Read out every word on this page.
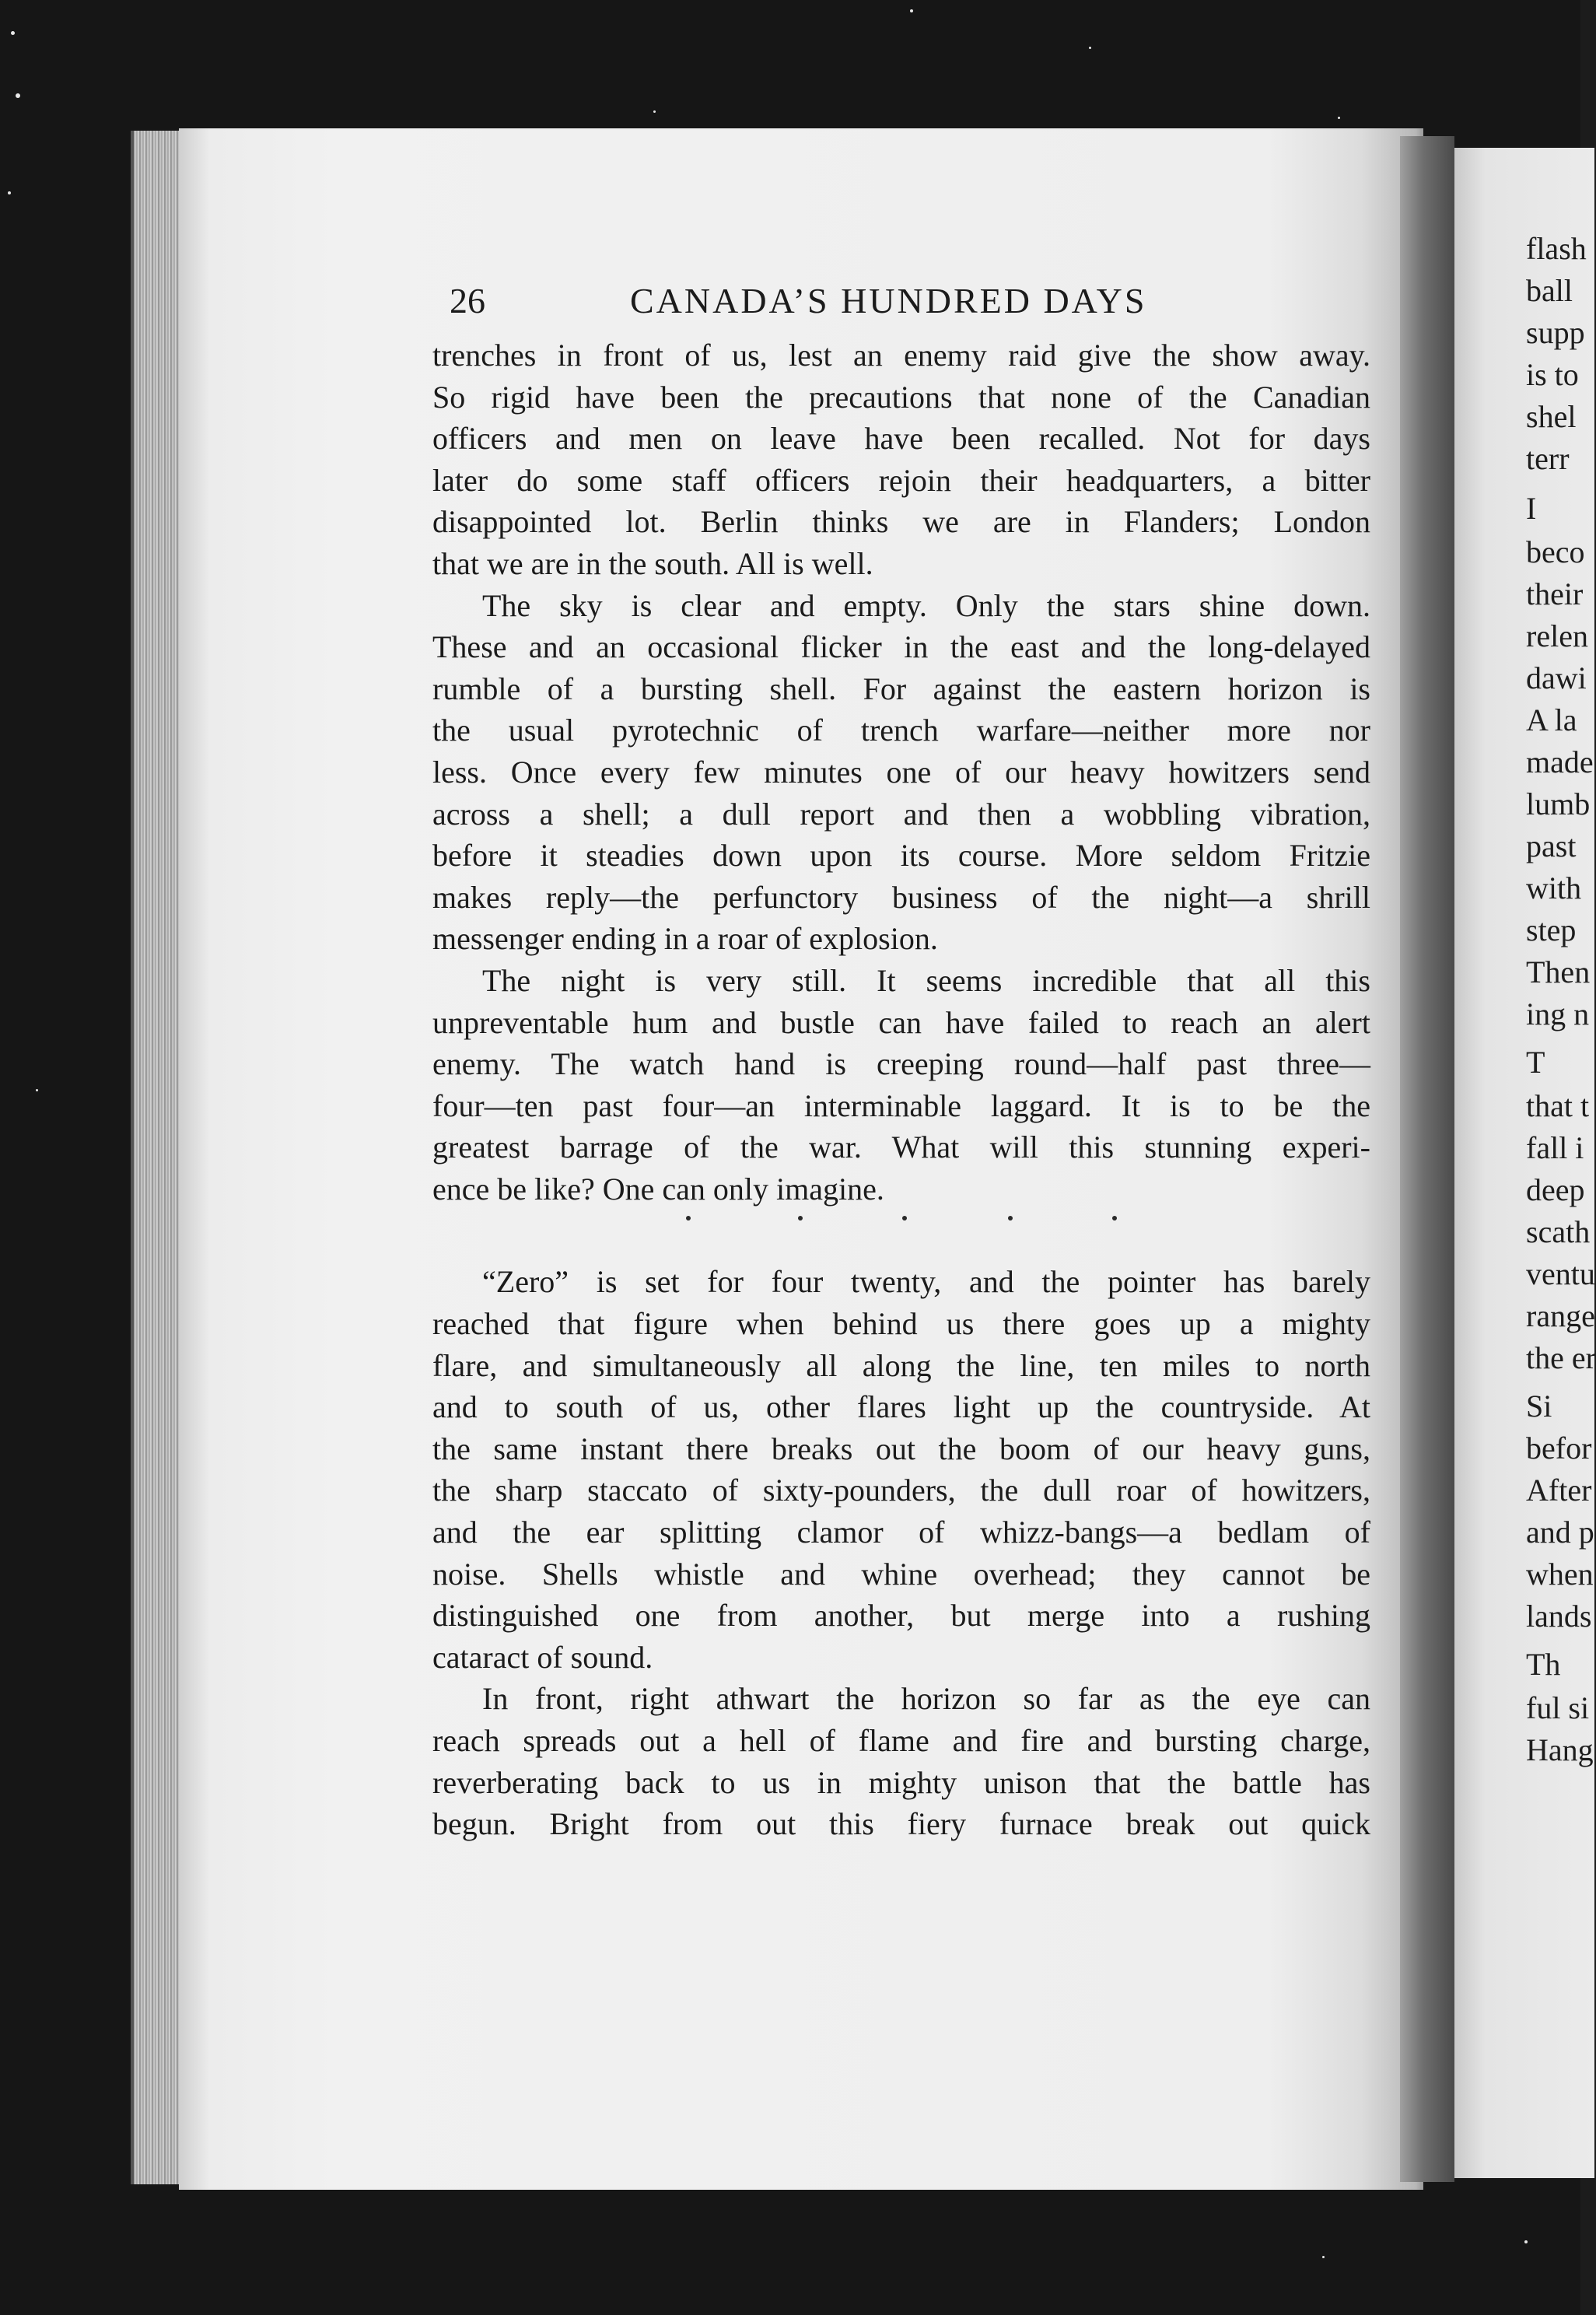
flash
ball
supp
is to
shel
terr
I
beco
their
relen
dawi
A la
made
lumb
past
with
step
Then
ing n
T
that t
fall i
deep
scath
ventu
range
the er
Si
befor
After
and p
when
lands
Th
ful si
Hang
26	CANADA’S HUNDRED DAYS

trenches in front of us, lest an enemy raid give the show away.
So rigid have been the precautions that none of the Canadian
officers and men on leave have been recalled. Not for days
later do some staff officers rejoin their headquarters, a bitter
disappointed lot. Berlin thinks we are in Flanders; London
that we are in the south. All is well.

The sky is clear and empty. Only the stars shine down.
These and an occasional flicker in the east and the long-delayed
rumble of a bursting shell. For against the eastern horizon is
the usual pyrotechnic of trench warfare—neither more nor
less. Once every few minutes one of our heavy howitzers send
across a shell; a dull report and then a wobbling vibration,
before it steadies down upon its course. More seldom Fritzie
makes reply—the perfunctory business of the night—a shrill
messenger ending in a roar of explosion.

The night is very still. It seems incredible that all this
unpreventable hum and bustle can have failed to reach an alert
enemy. The watch hand is creeping round—half past three—
four—ten past four—an interminable laggard. It is to be the
greatest barrage of the war. What will this stunning experi-
ence be like? One can only imagine.

“Zero” is set for four twenty, and the pointer has barely
reached that figure when behind us there goes up a mighty
flare, and simultaneously all along the line, ten miles to north
and to south of us, other flares light up the countryside. At
the same instant there breaks out the boom of our heavy guns,
the sharp staccato of sixty-pounders, the dull roar of howitzers,
and the ear splitting clamor of whizz-bangs—a bedlam of
noise. Shells whistle and whine overhead; they cannot be
distinguished one from another, but merge into a rushing
cataract of sound.

In front, right athwart the horizon so far as the eye can
reach spreads out a hell of flame and fire and bursting charge,
reverberating back to us in mighty unison that the battle has
begun. Bright from out this fiery furnace break out quick
